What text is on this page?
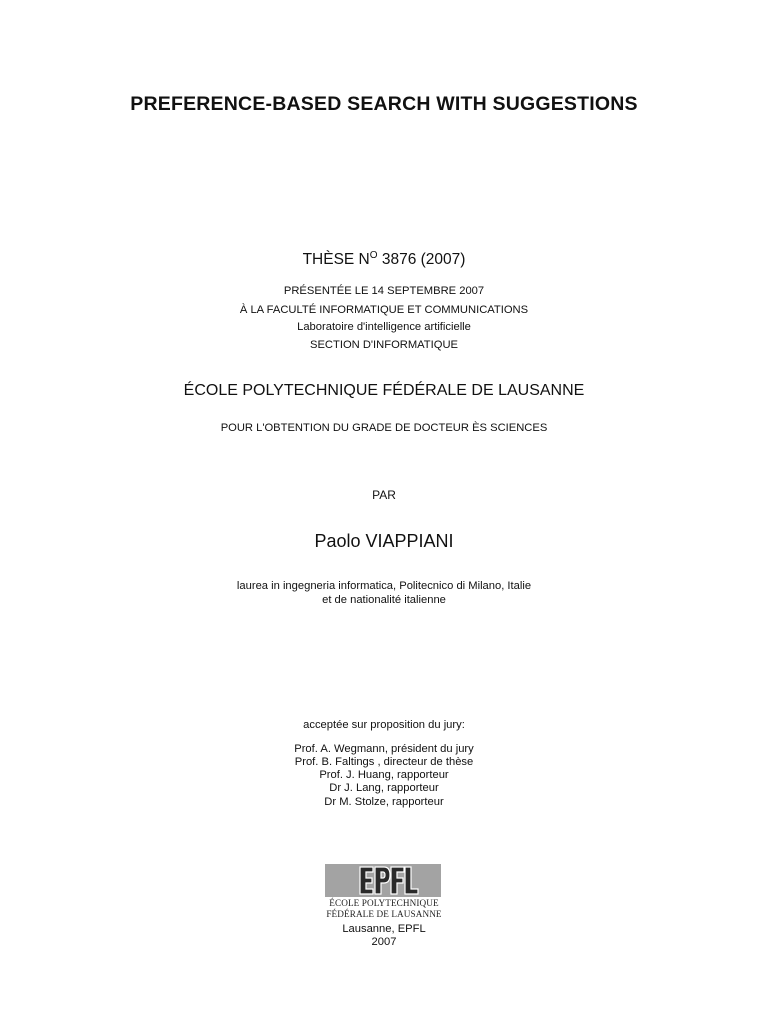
PREFERENCE-BASED SEARCH WITH SUGGESTIONS
THÈSE $N^O$ 3876 (2007)
PRÉSENTÉE LE 14 SEPTEMBRE 2007
À LA FACULTÉ INFORMATIQUE ET COMMUNICATIONS
Laboratoire d'intelligence artificielle
SECTION D'INFORMATIQUE
ÉCOLE POLYTECHNIQUE FÉDÉRALE DE LAUSANNE
POUR L'OBTENTION DU GRADE DE DOCTEUR ÈS SCIENCES
PAR
Paolo VIAPPIANI
laurea in ingegneria informatica, Politecnico di Milano, Italie
et de nationalité italienne
acceptée sur proposition du jury:
Prof. A. Wegmann, président du jury
Prof. B. Faltings , directeur de thèse
Prof. J. Huang, rapporteur
Dr J. Lang, rapporteur
Dr M. Stolze, rapporteur
ÉCOLE POLYTECHNIQUE
FÉDÉRALE DE LAUSANNE
Lausanne, EPFL
2007
